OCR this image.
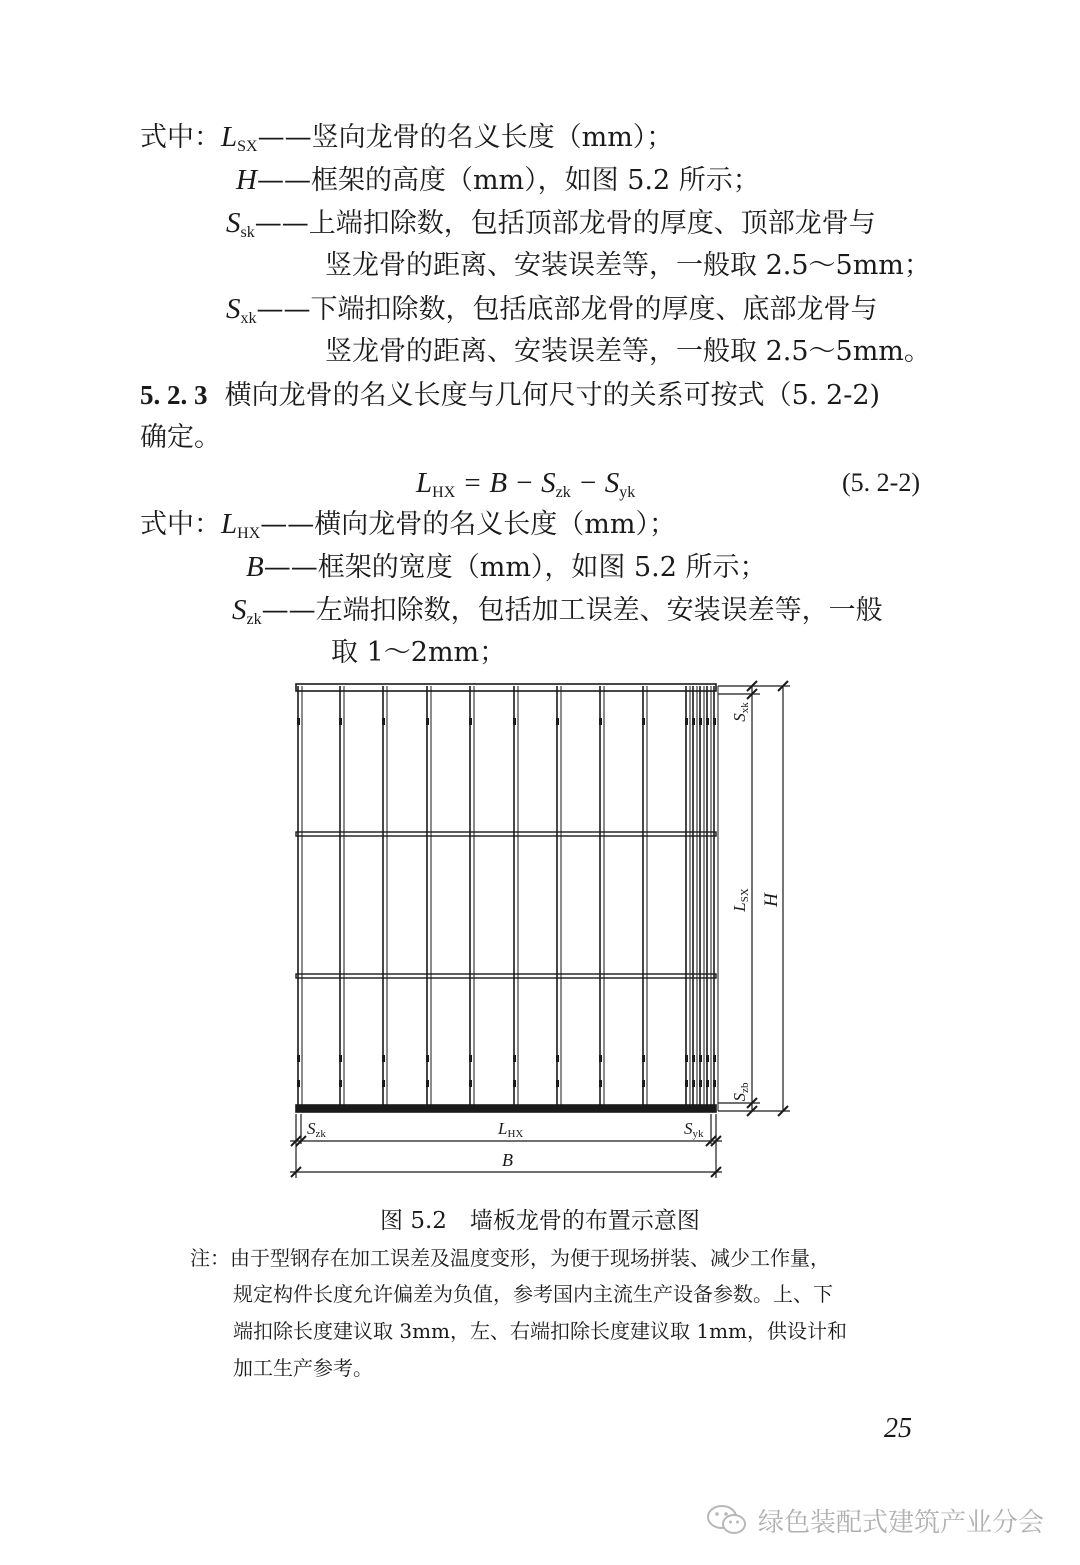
式中：$L_{SX}——$竖向龙骨的名义长度（mm）；
H——框架的高度（mm），如图 5.2 所示；
$S_{sk}——$上端扣除数，包括顶部龙骨的厚度、顶部龙骨与
竖龙骨的距离、安装误差等，一般取 2.5～5mm；
$S_{xk}——$下端扣除数，包括底部龙骨的厚度、底部龙骨与
竖龙骨的距离、安装误差等，一般取 2.5～5mm。
5. 2. 3 横向龙骨的名义长度与几何尺寸的关系可按式（5. 2-2)
确定。
$L_{HX} = B - S_{zk} - S_{yk}$	(5. 2-2)
式中：$L_{HX}——$横向龙骨的名义长度（mm）；
B——框架的宽度（mm），如图 5.2 所示；
$S_{zk}——$左端扣除数，包括加工误差、安装误差等，一般
取 1～2mm；
Sxk
LSX H
Szb
Szk	LHX	Syk
B
图 5.2　墙板龙骨的布置示意图
注：由于型钢存在加工误差及温度变形，为便于现场拼装、减少工作量，
规定构件长度允许偏差为负值，参考国内主流生产设备参数。上、下
端扣除长度建议取 3mm，左、右端扣除长度建议取 1mm，供设计和
加工生产参考。
25
绿色装配式建筑产业分会
